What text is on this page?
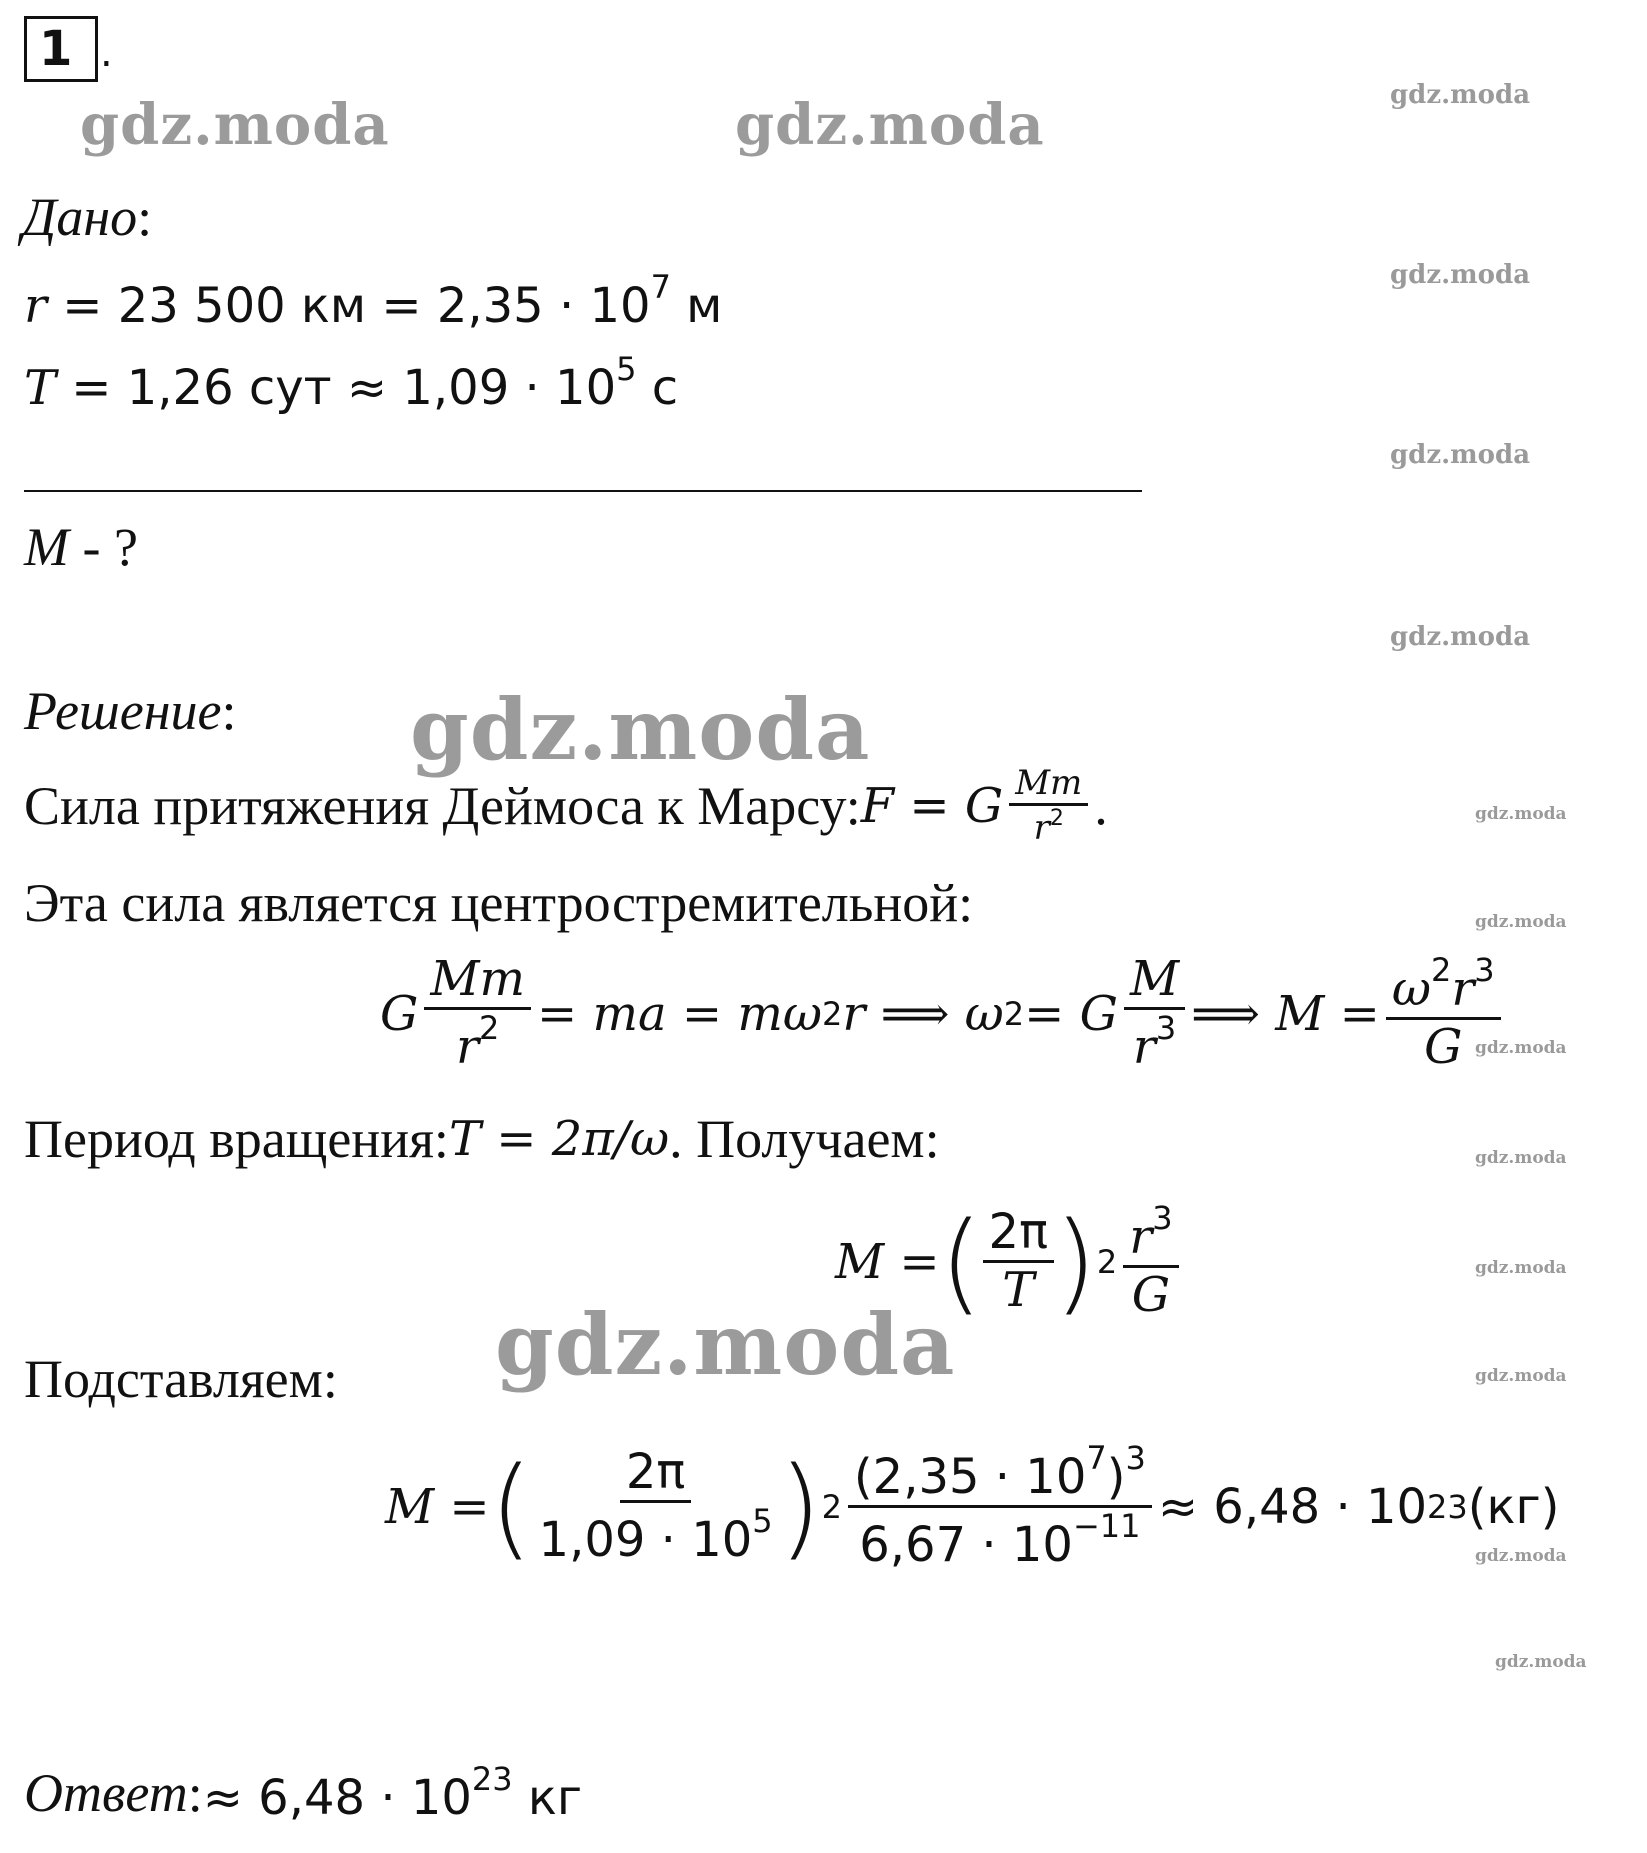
1 .
gdz.moda	gdz.moda	gdz.moda
gdz.moda
gdz.moda
gdz.moda
gdz.moda
gdz.moda
gdz.moda
gdz.moda
gdz.moda
gdz.moda
gdz.moda	gdz.moda
gdz.moda
gdz.moda
Дано:
r = 23 500 км = $2,35 \cdot 10^7$ м
T = 1,26 сут ≈ $1,09 \cdot 10^5$ с
M - ?
Решение:
Сила притяжения Деймоса к Марсу: F = G $\frac{Mm}{r^2}$ .
Эта сила является центростремительной:
G $\frac{Mm}{r^2}$ = ma = mω 2 r ⟹ ω 2 = G $\frac{M}{r^3}$ ⟹ $M = \frac{\omega^2r^3}{G}$
Период вращения: T = 2π/ω . Получаем:
M = ( $\frac{2\pi}{T}$ ) $2 \frac{r^3}{G}$
Подставляем:
M = ( $\frac{2\pi}{1,09 \cdot 10^5}$ ) $2 \frac{(2,35 \cdot 10^7)^3}{6,67 \cdot 10^{-11}} \approx 6,48 \cdot 10$ 23 (кг)
Ответ : ≈ $6,48 \cdot 10^{23}$ кг
